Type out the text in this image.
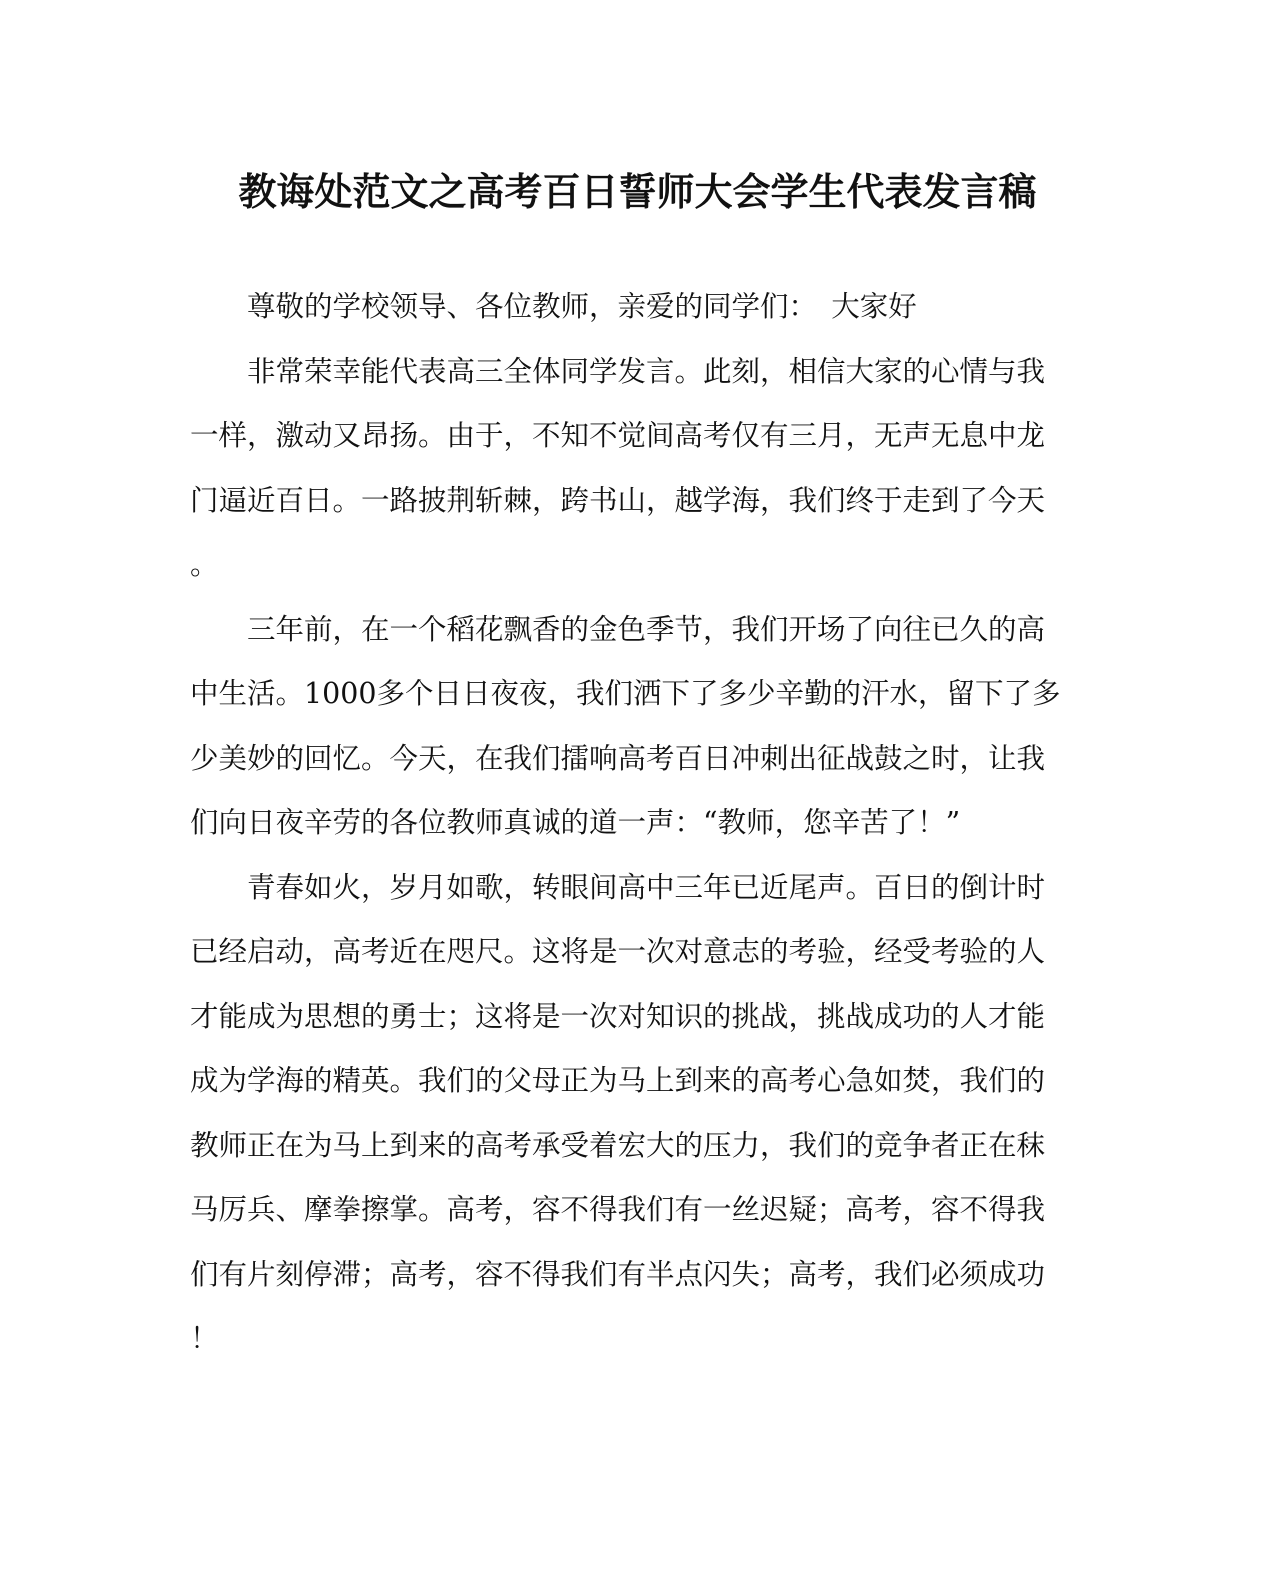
教诲处范文之高考百日誓师大会学生代表发言稿
尊敬的学校领导、各位教师，亲爱的同学们：　大家好
非常荣幸能代表高三全体同学发言。此刻，相信大家的心情与我
一样，激动又昂扬。由于，不知不觉间高考仅有三月，无声无息中龙
门逼近百日。一路披荆斩棘，跨书山，越学海，我们终于走到了今天
。
三年前，在一个稻花飘香的金色季节，我们开场了向往已久的高
中生活。1000多个日日夜夜，我们洒下了多少辛勤的汗水，留下了多
少美妙的回忆。今天，在我们擂响高考百日冲刺出征战鼓之时，让我
们向日夜辛劳的各位教师真诚的道一声：“教师，您辛苦了！”
青春如火，岁月如歌，转眼间高中三年已近尾声。百日的倒计时
已经启动，高考近在咫尺。这将是一次对意志的考验，经受考验的人
才能成为思想的勇士；这将是一次对知识的挑战，挑战成功的人才能
成为学海的精英。我们的父母正为马上到来的高考心急如焚，我们的
教师正在为马上到来的高考承受着宏大的压力，我们的竞争者正在秣
马厉兵、摩拳擦掌。高考，容不得我们有一丝迟疑；高考，容不得我
们有片刻停滞；高考，容不得我们有半点闪失；高考，我们必须成功
！
